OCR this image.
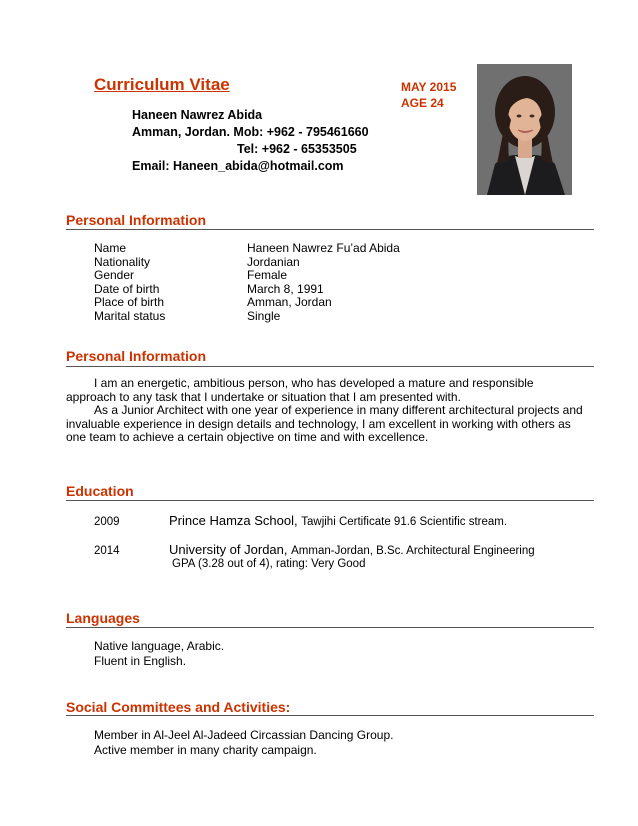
Curriculum Vitae	MAY 2015
AGE 24
Haneen Nawrez Abida
Amman, Jordan. Mob: +962 - 795461660
Tel: +962 - 65353505
Email: Haneen_abida@hotmail.com
Personal Information
Name	Haneen Nawrez Fu’ad Abida
Nationality	Jordanian
Gender	Female
Date of birth	March 8, 1991
Place of birth	Amman, Jordan
Marital status	Single
Personal Information

I am an energetic, ambitious person, who has developed a mature and responsible approach to any task that I undertake or situation that I am presented with.

As a Junior Architect with one year of experience in many different architectural projects and invaluable experience in design details and technology, I am excellent in working with others as one team to achieve a certain objective on time and with excellence.

Education
2009	Prince Hamza School, Tawjihi Certificate 91.6 Scientific stream.
2014	University of Jordan, Amman-Jordan, B.Sc. Architectural Engineering
GPA (3.28 out of 4), rating: Very Good
Languages
Native language, Arabic.
Fluent in English.
Social Committees and Activities:
Member in Al-Jeel Al-Jadeed Circassian Dancing Group.
Active member in many charity campaign.
